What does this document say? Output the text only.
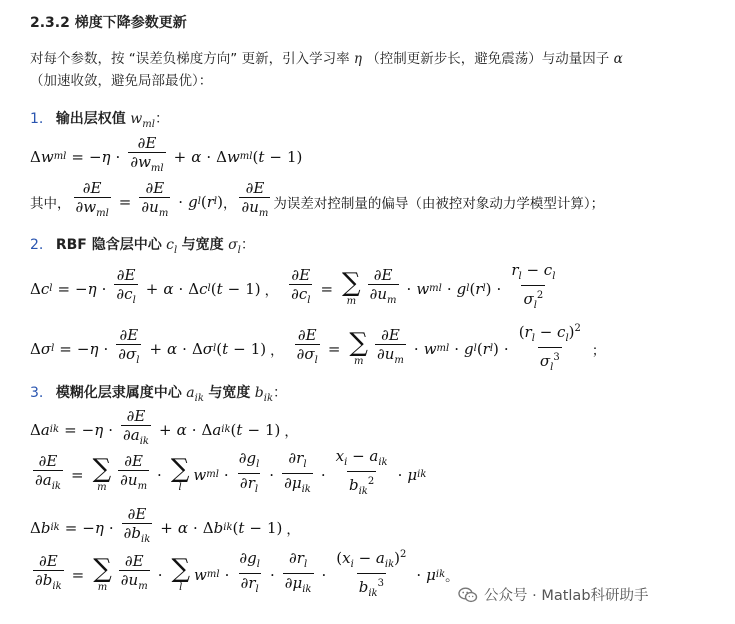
2.3.2 梯度下降参数更新
对每个参数，按 “误差负梯度方向” 更新，引入学习率 η （控制更新步长，避免震荡）与动量因子 α
（加速收敛，避免局部最优）：
1. 输出层权值 $w_{ml}$：
Δ w ml = − $\eta \cdot \frac{\partial E}{\partial w_{ml}} + \alpha \cdot \Delta$ w ml ( t − 1)
其中， $\frac{\partial E}{\partial w_{ml}} = \frac{\partial E}{\partial u_m} \cdot g$ l ( r l ) ， $\frac{\partial E}{\partial u_m}$ 为误差对控制量的偏导（由被控对象动力学模型计算）；
2. RBF 隐含层中心 $c_l$ 与宽度 $\sigma_l$：
Δ c l = − $\eta \cdot \frac{\partial E}{\partial c_l} + \alpha \cdot \Delta$ c l ( t − 1) ， $\frac{\partial E}{\partial c_l}$ = ∑
m $\frac{\partial E}{\partial u_m} \cdot w$ ml · g l ( r l ) · $\frac{r_l - c_l}{\sigma_l^2}$
Δ σ l = − $\eta \cdot \frac{\partial E}{\partial\sigma_l} + \alpha \cdot \Delta$ σ l ( t − 1) ， $\frac{\partial E}{\partial\sigma_l}$ = ∑
m $\frac{\partial E}{\partial u_m} \cdot w$ ml · g l ( r l ) · $\frac{(r_l - c_l)^2}{\sigma_l^3}$ ；
3. 模糊化层隶属度中心 $a_{ik}$ 与宽度 $b_{ik}$：
Δ a ik = − $\eta \cdot \frac{\partial E}{\partial a_{ik}} + \alpha \cdot \Delta$ a ik ( t − 1) ，
$\frac{\partial E}{\partial a_{ik}}$ = ∑
m $\frac{\partial E}{\partial u_m}$ · ∑
l
w ml · $\frac{\partial g_l}{\partial r_l} \cdot \frac{\partial r_l}{\partial\mu_{ik}} \cdot \frac{x_i - a_{ik}}{b_{ik}^2} \cdot \mu$ ik
Δ b ik = − $\eta \cdot \frac{\partial E}{\partial b_{ik}} + \alpha \cdot \Delta$ b ik ( t − 1) ，
$\frac{\partial E}{\partial b_{ik}}$ = ∑
m $\frac{\partial E}{\partial u_m}$ · ∑
l
w ml · $\frac{\partial g_l}{\partial r_l} \cdot \frac{\partial r_l}{\partial\mu_{ik}} \cdot \frac{(x_i - a_{ik})^2}{b_{ik}^3} \cdot \mu$ ik 。
公众号 · Matlab科研助手
